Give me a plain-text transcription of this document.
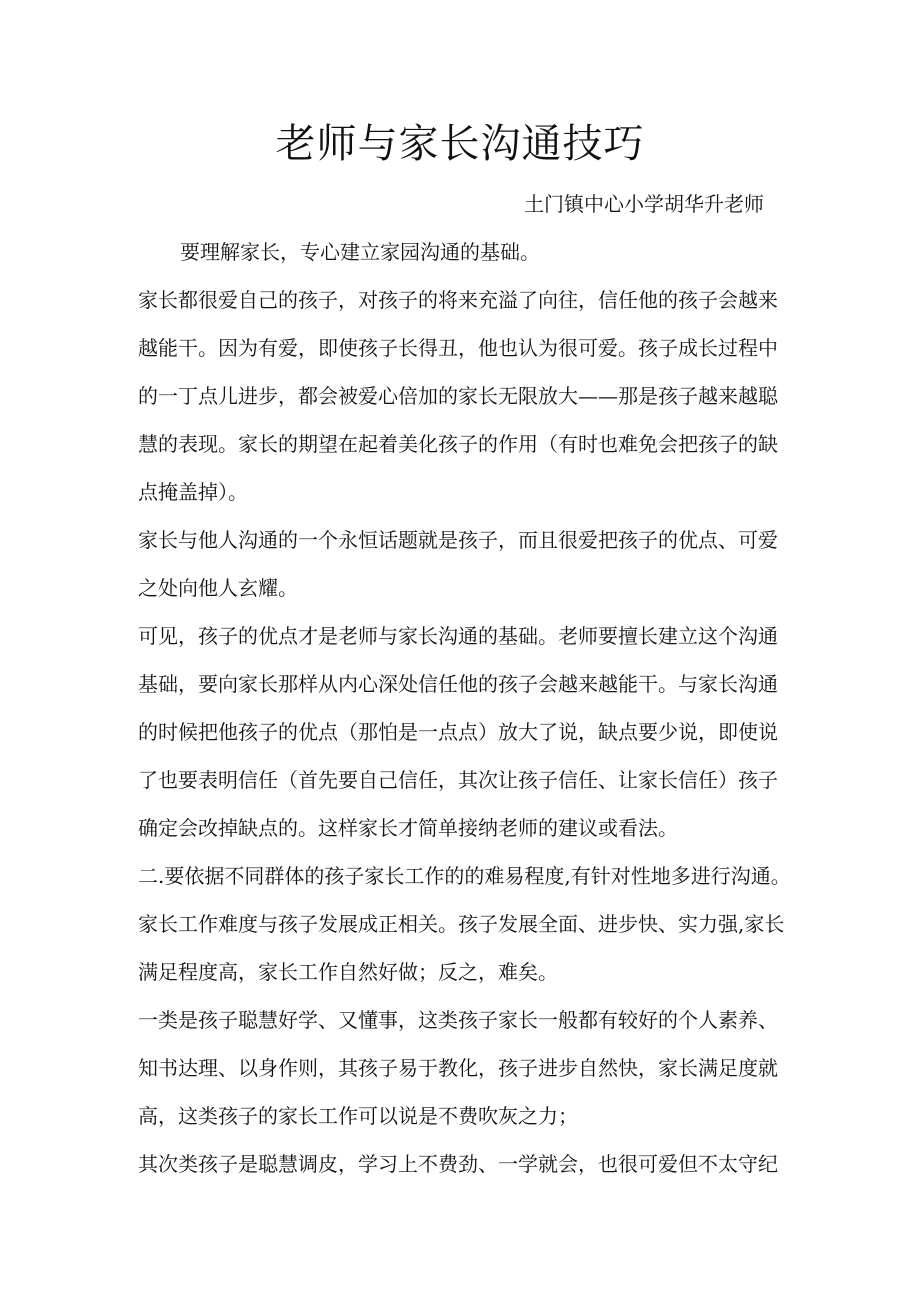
老师与家长沟通技巧

土门镇中心小学胡华升老师

要理解家长，专心建立家园沟通的基础。

家长都很爱自己的孩子，对孩子的将来充溢了向往，信任他的孩子会越来

越能干。因为有爱，即使孩子长得丑，他也认为很可爱。孩子成长过程中

的一丁点儿进步，都会被爱心倍加的家长无限放大——那是孩子越来越聪

慧的表现。家长的期望在起着美化孩子的作用（有时也难免会把孩子的缺

点掩盖掉）。

家长与他人沟通的一个永恒话题就是孩子，而且很爱把孩子的优点、可爱

之处向他人玄耀。

可见，孩子的优点才是老师与家长沟通的基础。老师要擅长建立这个沟通

基础，要向家长那样从内心深处信任他的孩子会越来越能干。与家长沟通

的时候把他孩子的优点（那怕是一点点）放大了说，缺点要少说，即使说

了也要表明信任（首先要自己信任，其次让孩子信任、让家长信任）孩子

确定会改掉缺点的。这样家长才简单接纳老师的建议或看法。

二.要依据不同群体的孩子家长工作的的难易程度,有针对性地多进行沟通。

家长工作难度与孩子发展成正相关。孩子发展全面、进步快、实力强,家长

满足程度高，家长工作自然好做；反之，难矣。

一类是孩子聪慧好学、又懂事，这类孩子家长一般都有较好的个人素养、

知书达理、以身作则，其孩子易于教化，孩子进步自然快，家长满足度就

高，这类孩子的家长工作可以说是不费吹灰之力；

其次类孩子是聪慧调皮，学习上不费劲、一学就会，也很可爱但不太守纪
